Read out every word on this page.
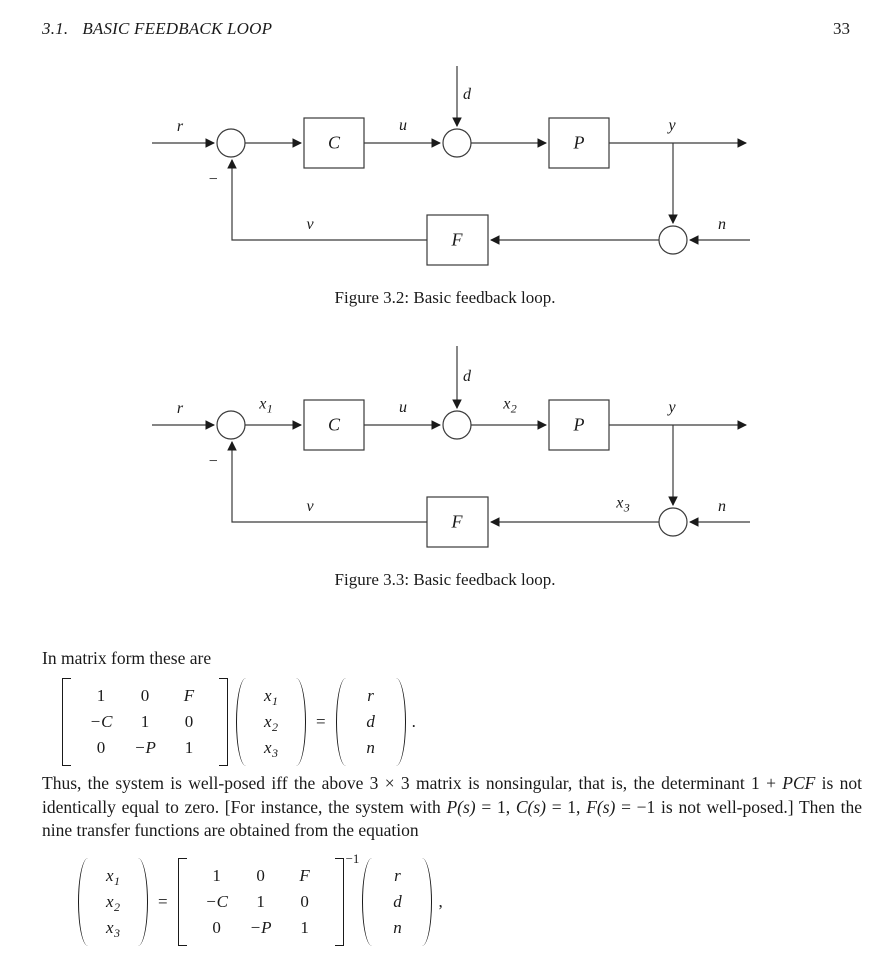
3.1. BASIC FEEDBACK LOOP	33
r
d
u	y
n
v
−
C	P
F
Figure 3.2: Basic feedback loop.
r	$x_1$
d
u	$x_2$	y
n
$x_3$
v
−
C	P
F
Figure 3.3: Basic feedback loop.
In matrix form these are
1	0	F
−C	1	0
0	−P	1
$x_1$
$x_2$
$x_3$
=
r
d
n
.
Thus, the system is well-posed iff the above 3 × 3 matrix is nonsingular, that is, the determinant 1 + PCF is not identically equal to zero. [For instance, the system with P(s) = 1, C(s) = 1, F(s) = −1 is not well-posed.] Then the nine transfer functions are obtained from the equation
$x_1$
$x_2$
$x_3$
=
1	0	F
−C	1	0
0	−P	1
−1
r
d
n
,
